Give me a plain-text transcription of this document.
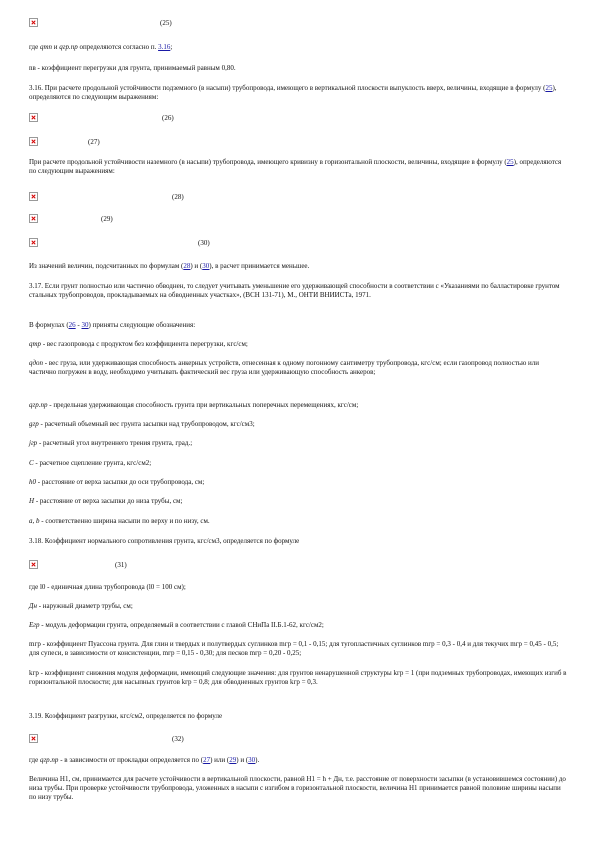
(25)
где qmп и qгр.пр определяются согласно п. 3.16;
nв - коэффициент перегрузки для грунта, принимаемый равным 0,80.
3.16. При расчете продольной устойчивости подземного (в насыпи) трубопровода, имеющего в вертикальной плоскости выпуклость вверх, величины, входящие в формулу (25), определяются по следующим выражениям:
(26)
(27)
При расчете продольной устойчивости наземного (в насыпи) трубопровода, имеющего кривизну в горизонтальной плоскости, величины, входящие в формулу (25), определяются по следующим выражениям:
(28)
(29)
(30)
Из значений величин, подсчитанных по формулам (28) и (30), в расчет принимается меньшее.
3.17. Если грунт полностью или частично обводнен, то следует учитывать уменьшение его удерживающей способности в соответствии с «Указаниями по балластировке грунтом стальных трубопроводов, прокладываемых на обводненных участках», (ВСН 131-71), М., ОНТИ ВНИИСТа, 1971.
В формулах (26 - 30) приняты следующие обозначения:
qmp - вес газопровода с продуктом без коэффициента перегрузки, кгс/см;
qдоп - вес груза, или удерживающая способность анкерных устройств, отнесенная к одному погонному сантиметру трубопровода, кгс/см; если газопровод полностью или частично погружен в воду, необходимо учитывать фактический вес груза или удерживающую способность анкеров;
qгр.пр - предельная удерживающая способность грунта при вертикальных поперечных перемещениях, кгс/см;
gгр - расчетный объемный вес грунта засыпки над трубопроводом, кгс/см3;
jгр - расчетный угол внутреннего трения грунта, град.;
С - расчетное сцепление грунта, кгс/см2;
h0 - расстояние от верха засыпки до оси трубопровода, см;
Н - расстояние от верха засыпки до низа трубы, см;
а, b - соответственно ширина насыпи по верху и по низу, см.
3.18. Коэффициент нормального сопротивления грунта, кгс/см3, определяется по формуле
(31)
где l0 - единичная длина трубопровода (l0 = 100 см);
Дн - наружный диаметр трубы, см;
Егр - модуль деформации грунта, определяемый в соответствии с главой СНиПа II.Б.1-62, кгс/см2;
mгр - коэффициент Пуассона грунта. Для глин и твердых и полутвердых суглинков mгр = 0,1 - 0,15; для тугопластичных суглинков mгр = 0,3 - 0,4 и для текучих mгр = 0,45 - 0,5; для супеси, в зависимости от консистенции, mгр = 0,15 - 0,30; для песков mгр = 0,20 - 0,25;
kгр - коэффициент снижения модуля деформации, имеющий следующие значения: для грунтов ненарушенной структуры kгр = 1 (при подземных трубопроводах, имеющих изгиб в горизонтальной плоскости; для насыпных грунтов kгр = 0,8; для обводненных грунтов kгр = 0,3.
3.19. Коэффициент разгрузки, кгс/см2, определяется по формуле
(32)
где qгр.пр - в зависимости от прокладки определяется по (27) или (29) и (30).
Величина Н1, см, принимается для расчете устойчивости в вертикальной плоскости, равной Н1 = h + Дн, т.е. расстояние от поверхности засыпки (в установившемся состоянии) до низа трубы. При проверке устойчивости трубопровода, уложенных в насыпи с изгибом в горизонтальной плоскости, величина Н1 принимается равной половине ширины насыпи по низу трубы.
